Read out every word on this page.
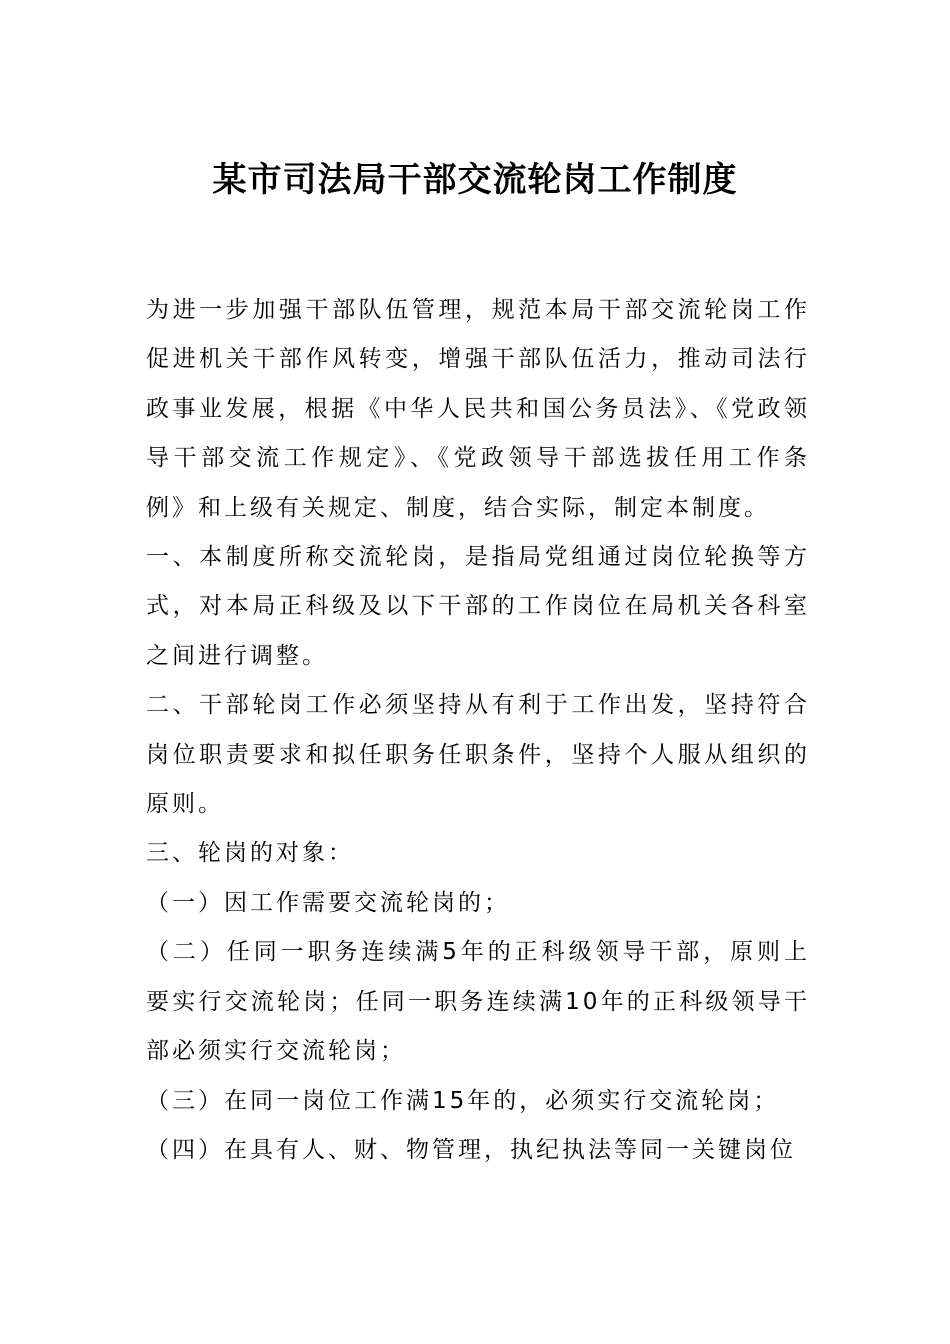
某市司法局干部交流轮岗工作制度

为进一步加强干部队伍管理，规范本局干部交流轮岗工作促进机关干部作风转变，增强干部队伍活力，推动司法行政事业发展，根据《中华人民共和国公务员法》、《党政领导干部交流工作规定》、《党政领导干部选拔任用工作条例》和上级有关规定、制度，结合实际，制定本制度。

一、本制度所称交流轮岗，是指局党组通过岗位轮换等方式，对本局正科级及以下干部的工作岗位在局机关各科室之间进行调整。

二、干部轮岗工作必须坚持从有利于工作出发，坚持符合岗位职责要求和拟任职务任职条件，坚持个人服从组织的原则。

三、轮岗的对象：

（一）因工作需要交流轮岗的；

（二）任同一职务连续满5年的正科级领导干部，原则上要实行交流轮岗；任同一职务连续满10年的正科级领导干部必须实行交流轮岗；

（三）在同一岗位工作满15年的，必须实行交流轮岗；

（四）在具有人、财、物管理，执纪执法等同一关键岗位
